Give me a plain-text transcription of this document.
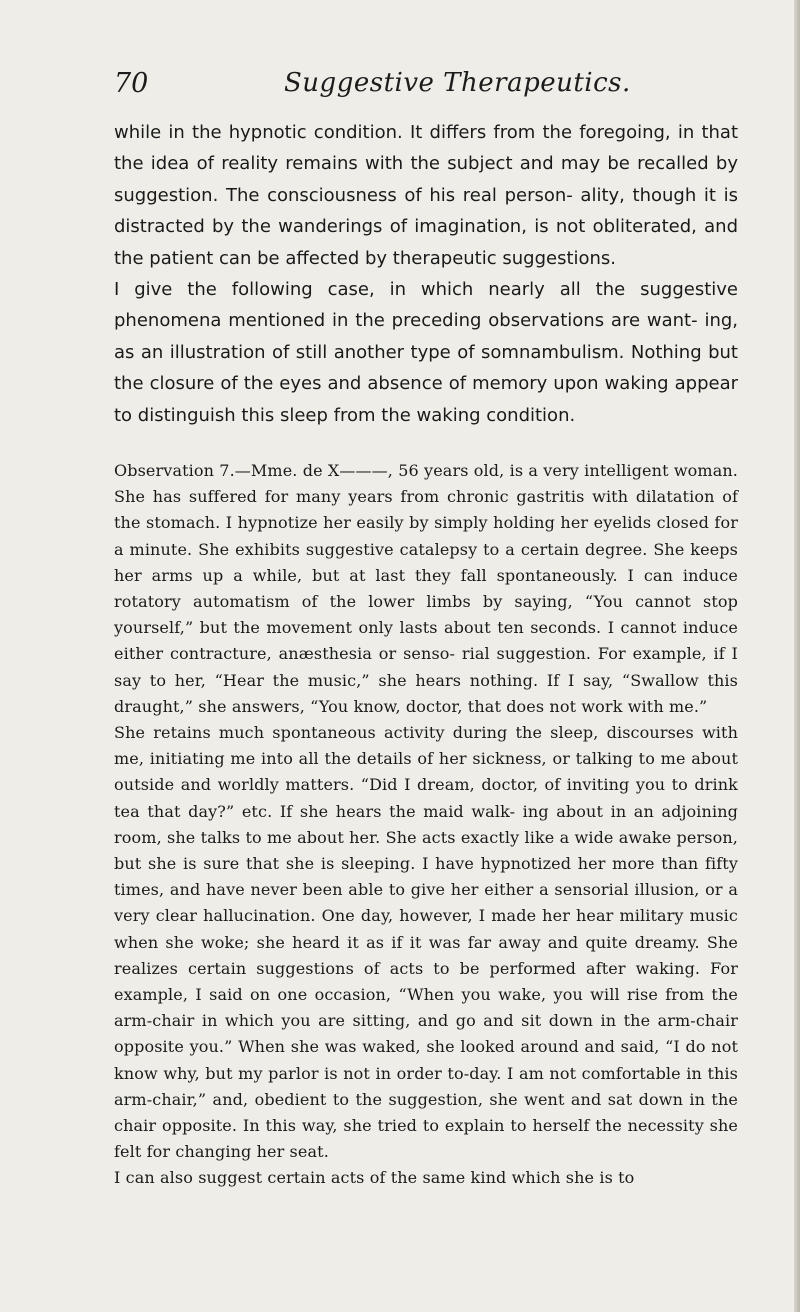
70	Suggestive Therapeutics.

while in the hypnotic condition. It differs from the foregoing, in that the idea of reality remains with the subject and may be recalled by suggestion. The consciousness of his real person- ality, though it is distracted by the wanderings of imagination, is not obliterated, and the patient can be affected by therapeutic suggestions.

I give the following case, in which nearly all the suggestive phenomena mentioned in the preceding observations are want- ing, as an illustration of still another type of somnambulism. Nothing but the closure of the eyes and absence of memory upon waking appear to distinguish this sleep from the waking condition.

Observation 7.—Mme. de X———, 56 years old, is a very intelligent woman. She has suffered for many years from chronic gastritis with dilatation of the stomach. I hypnotize her easily by simply holding her eyelids closed for a minute. She exhibits suggestive catalepsy to a certain degree. She keeps her arms up a while, but at last they fall spontaneously. I can induce rotatory automatism of the lower limbs by saying, “You cannot stop yourself,” but the movement only lasts about ten seconds. I cannot induce either contracture, anæsthesia or senso- rial suggestion. For example, if I say to her, “Hear the music,” she hears nothing. If I say, “Swallow this draught,” she answers, “You know, doctor, that does not work with me.”

She retains much spontaneous activity during the sleep, discourses with me, initiating me into all the details of her sickness, or talking to me about outside and worldly matters. “Did I dream, doctor, of inviting you to drink tea that day?” etc. If she hears the maid walk- ing about in an adjoining room, she talks to me about her. She acts exactly like a wide awake person, but she is sure that she is sleeping. I have hypnotized her more than fifty times, and have never been able to give her either a sensorial illusion, or a very clear hallucination. One day, however, I made her hear military music when she woke; she heard it as if it was far away and quite dreamy. She realizes certain suggestions of acts to be performed after waking. For example, I said on one occasion, “When you wake, you will rise from the arm-chair in which you are sitting, and go and sit down in the arm-chair opposite you.” When she was waked, she looked around and said, “I do not know why, but my parlor is not in order to-day. I am not comfortable in this arm-chair,” and, obedient to the suggestion, she went and sat down in the chair opposite. In this way, she tried to explain to herself the necessity she felt for changing her seat.

I can also suggest certain acts of the same kind which she is to
